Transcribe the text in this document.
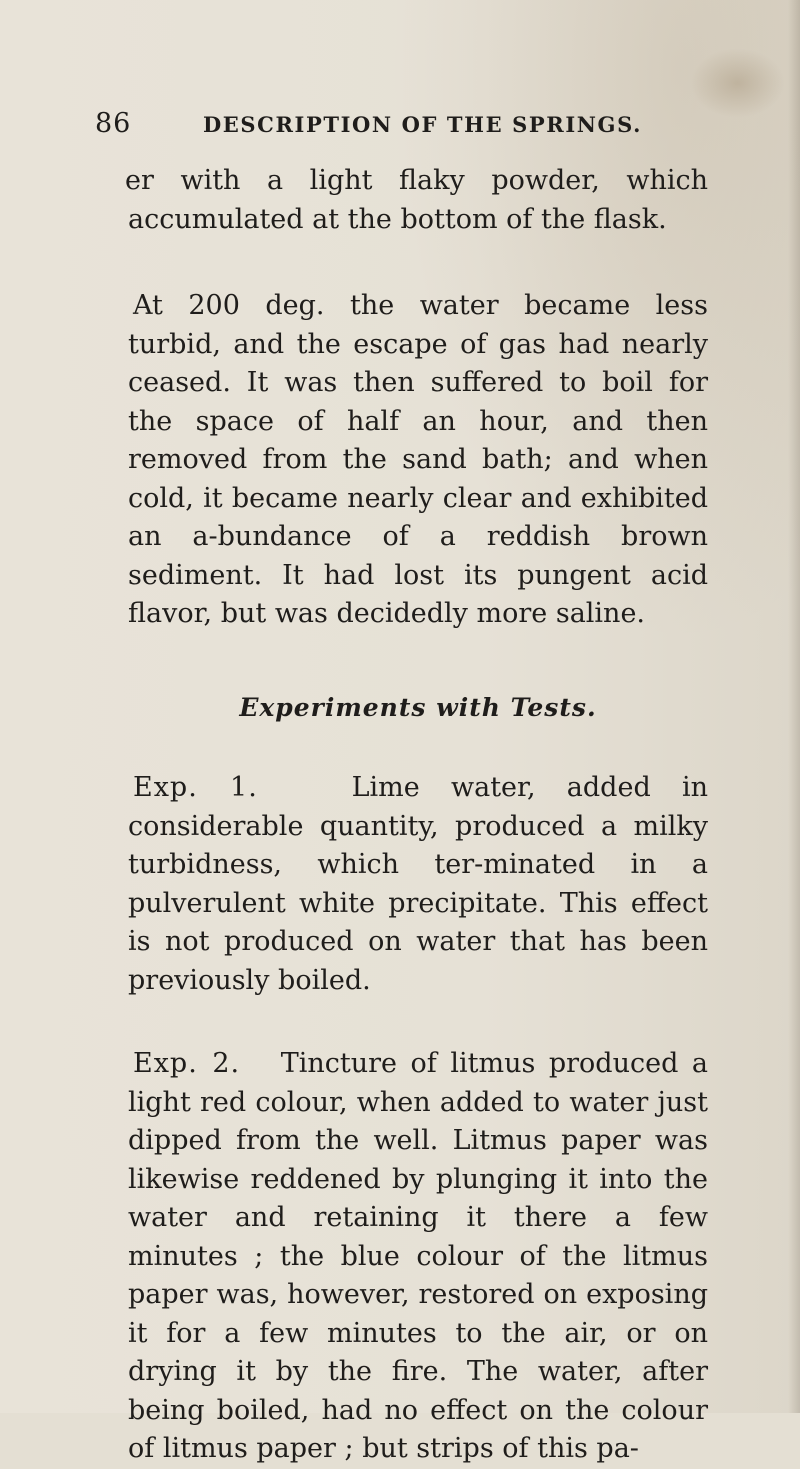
86	DESCRIPTION OF THE SPRINGS.

er with a light flaky powder, which accumulated at the bottom of the flask.

At 200 deg. the water became less turbid, and the escape of gas had nearly ceased. It was then suffered to boil for the space of half an hour, and then removed from the sand bath; and when cold, it became nearly clear and exhibited an a-bundance of a reddish brown sediment. It had lost its pungent acid flavor, but was decidedly more saline.

Experiments with Tests.

Exp. 1.	Lime water, added in considerable quantity, produced a milky turbidness, which ter-minated in a pulverulent white precipitate. This effect is not produced on water that has been previously boiled.

Exp. 2. Tincture of litmus produced a light red colour, when added to water just dipped from the well. Litmus paper was likewise reddened by plunging it into the water and retaining it there a few minutes ; the blue colour of the litmus paper was, however, restored on exposing it for a few minutes to the air, or on drying it by the fire. The water, after being boiled, had no effect on the colour of litmus paper ; but strips of this pa-
